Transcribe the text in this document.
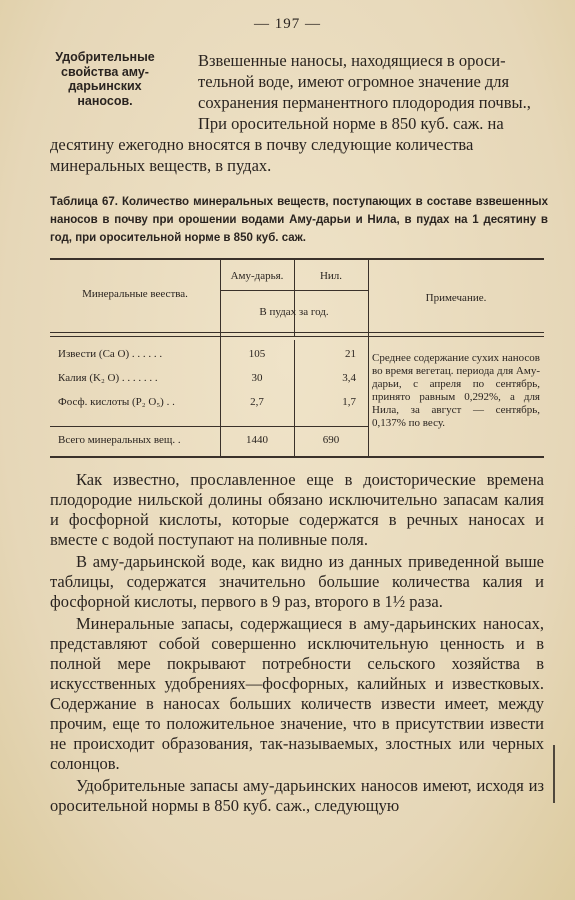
— 197 —
Удобрительные свойства аму-дарьинских наносов.
Взвешенные наносы, находящиеся в ороси-
тельной воде, имеют огромное значение для
сохранения перманентного плодородия почвы.,
При оросительной норме в 850 куб. саж. на
десятину ежегодно вносятся в почву следующие количества
минеральных веществ, в пудах.
Таблица 67. Количество минеральных веществ, поступающих в составе взвешенных наносов в почву при орошении водами Аму-дарьи и Нила, в пудах на 1 десятину в год, при оросительной норме в 850 куб. саж.
Минеральные веества.
Аму-дарья.	Нил.
В пудах за год.
Примечание.
Извести (Ca O) . . . . . .	105	21
Калия (K₂ O) . . . . . . .	30	3,4
Фосф. кислоты (P₂ O₅) . .	2,7	1,7
Всего минеральных вещ. .	1440	690
Среднее содержание сухих наносов во время вегетац. периода для Аму-дарьи, с апреля по сентябрь, принято равным 0,292%, а для Нила, за август — сентябрь, 0,137% по весу.

Как известно, прославленное еще в доисторические времена плодородие нильской долины обязано исключительно запасам калия и фосфорной кислоты, которые содержатся в речных наносах и вместе с водой поступают на поливные поля.

В аму-дарьинской воде, как видно из данных приведенной выше таблицы, содержатся значительно большие количества калия и фосфорной кислоты, первого в 9 раз, второго в 1½ раза.

Минеральные запасы, содержащиеся в аму-дарьинских наносах, представляют собой совершенно исключительную ценность и в полной мере покрывают потребности сельского хозяйства в искусственных удобрениях—фосфорных, калийных и известковых. Содержание в наносах больших количеств извести имеет, между прочим, еще то положительное значение, что в присутствии извести не происходит образования, так-называемых, злостных или черных солонцов.

Удобрительные запасы аму-дарьинских наносов имеют, исходя из оросительной нормы в 850 куб. саж., следующую
